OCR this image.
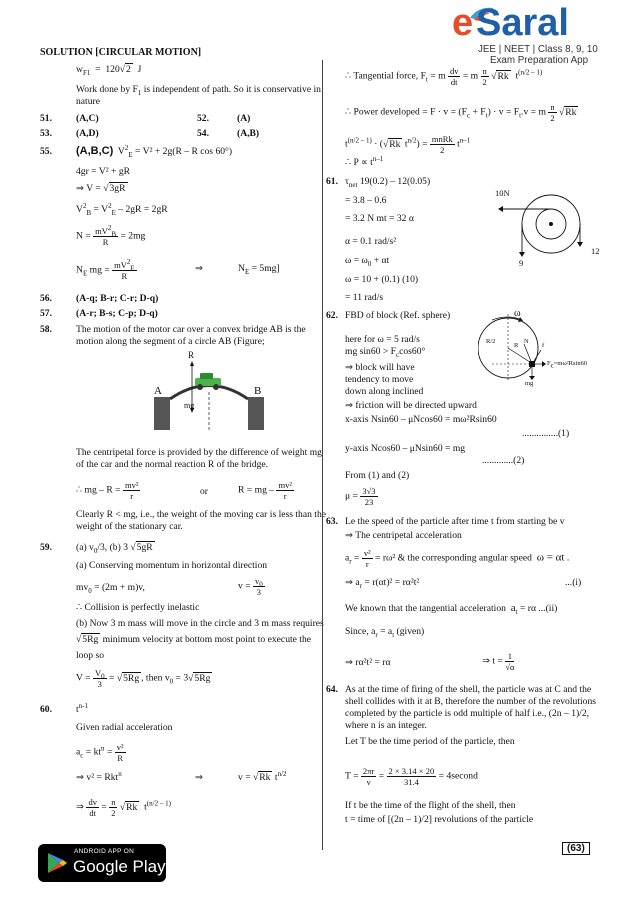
e Saral
JEE | NEET | Class 8, 9, 10
Exam Preparation App
SOLUTION [CIRCULAR MOTION]
$w_{F1} = 120√$ 2 J
Work done by $F_1$ is independent of path. So it is conservative in
nature
51.	(A,C)	52.	(A)
53.	(A,D)	54.	(A,B)
55. (A,B,C) $V^2_E = V^2 + 2g(R - R$ cos 60°)
4gr = V² + gR
⇒ V = √ 3gR
$V^2_B = V^2_E - 2gR = 2gR$
$N = \frac{mV^2_B}{R} = 2mg$
$N_E$ mg = $\frac{mV^2_E}{R}$	⇒	$N_E = 5mg$]
56.	(A-q; B-r; C-r; D-q)
57.	(A-r; B-s; C-p; D-q)
58.	The motion of the motor car over a convex bridge AB is the
motion along the segment of a circle AB (Figure;
R
A	B
mg
The centripetal force is provided by the difference of weight mg
of the car and the normal reaction R of the bridge.
∴ mg – $R = \frac{\text{mv²}}{r}$	or	R = mg – $\frac{\text{mv²}}{r}$
Clearly R < mg, i.e., the weight of the moving car is less than the
weight of the stationary car.
59.	(a) $v_0/3$, (b) 3 √ 5gR
(a) Conserving momentum in horizontal direction
$mv_0 = (2m + m)v$,	$v = \frac{v_0}{3}$
∴ Collision is perfectly inelastic
(b) Now 3 m mass will move in the circle and 3 m mass requires
√ 5Rg minimum velocity at bottom most point to execute the
loop so
$V = \frac{V_0}{3}$ = √ 5Rg , then $v_0 = 3√$ 5Rg
60.	$t^{n-1}$
Given radial acceleration
$a_c = kt^n = \frac{\text{v²}}{R}$
⇒ v² = Rkt$^n$	⇒	v = √ Rk $t^{n/2}$
⇒ $\frac{dv}{dt} = \frac{n}{2}$
√ Rk  $t^{(n/2 - 1)}$
∴ Tangential force, $F_t = m \frac{dv}{dt} = m \frac{n}{2}$
√ Rk $t^{(n/2 - 1)}$
∴ Power developed = $F \cdot v = (F_c + F_t) \cdot v = F_t.v = m \frac{n}{2}$
√ Rk
$t^{(n/2 - 1)}$ · (√ Rk $t^{n/2}) = \frac{\text{mnRk}}{2} t^{n-1}$
∴ $P \propto t^{n-1}$
61. $\tau_{net}$ 19(0.2) – 12(0.05)
= 3.8 – 0.6
= 3.2 N mt = 32 α
α = 0.1 rad/s²
$\omega = \omega_0 + \alpha t$
ω = 10 + (0.1) (10)
= 11 rad/s
10N
12
9
62. FBD of block (Ref. sphere)
here for ω = 5 rad/s
mg $\sin 60 > F_c\cos 60^\circ$
⇒ block will have
tendency to move
down along inclined
⇒ friction will be directed upward
x-axis Nsin60 – μNcos60 = mω²Rsin60
...............(1)
y-axis Ncos60 – μNsin60 = mg
.............(2)
From (1) and (2)
$\mu = \frac{3√3}{23}$
ω
R/2
R
N
f
$F_c=m\omega^2Rsin60$
mg
63. Le the speed of the particle after time t from starting be v
⇒ The centripetal acceleration
$a_r = \frac{\text{v²}}{r} = r\omega^2$ & the corresponding angular speed ω = αt .
⇒ $a_r = r(\alpha t)^2 = r\alpha^2t^2$	...(i)
We known that the tangential acceleration $a_t = r\alpha$ ...(ii)
Since, $a_r = a_t$ (given)
⇒ rα²t² = rα	⇒ $t = \frac{1}{√\alpha}$
64. As at the time of firing of the shell, the particle was at C and the
shell collides with it at B, therefore the number of the revolutions
completed by the particle is odd multiple of half i.e., (2n – 1)/2,
where n is an integer.
Let T be the time period of the particle, then
$T = \frac{2\pi r}{v} = \frac{2 \times 3.14 \times 20}{31.4}$ = 4second
If t be the time of the flight of the shell, then
t = time of [(2n – 1)/2] revolutions of the particle
ANDROID APP ON
Google Play
(63)
